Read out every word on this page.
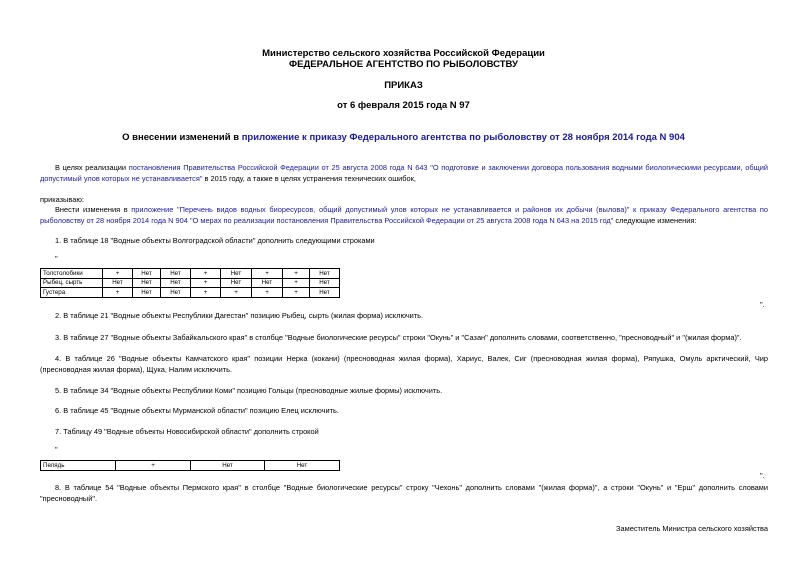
Министерство сельского хозяйства Российской Федерации
ФЕДЕРАЛЬНОЕ АГЕНТСТВО ПО РЫБОЛОВСТВУ
ПРИКАЗ
от 6 февраля 2015 года N 97
О внесении изменений в приложение к приказу Федерального агентства по рыболовству от 28 ноября 2014 года N 904
В целях реализации постановления Правительства Российской Федерации от 25 августа 2008 года N 643 "О подготовке и заключении договора пользования водными биологическими ресурсами, общий допустимый улов которых не устанавливается" в 2015 году, а также в целях устранения технических ошибок,
приказываю:
Внести изменения в приложение "Перечень видов водных биоресурсов, общий допустимый улов которых не устанавливается и районов их добычи (вылова)" к приказу Федерального агентства по рыболовству от 28 ноября 2014 года N 904 "О мерах по реализации постановления Правительства Российской Федерации от 25 августа 2008 года N 643 на 2015 год" следующие изменения:
1. В таблице 18 "Водные объекты Волгоградской области" дополнить следующими строками
"
Толстолобики	+	Нет	Нет	+	Нет	+	+	Нет
Рыбец, сырть	Нет	Нет	Нет	+	Нет	Нет	+	Нет
Густера	+	Нет	Нет	+	+	+	+	Нет
".
2. В таблице 21 "Водные объекты Республики Дагестан" позицию Рыбец, сырть (жилая форма) исключить.
3. В таблице 27 "Водные объекты Забайкальского края" в столбце "Водные биологические ресурсы" строки "Окунь" и "Сазан" дополнить словами, соответственно, "пресноводный" и "(жилая форма)".
4. В таблице 26 "Водные объекты Камчатского края" позиции Нерка (кокани) (пресноводная жилая форма), Хариус, Валек, Сиг (пресноводная жилая форма), Ряпушка, Омуль арктический, Чир (пресноводная жилая форма), Щука, Налим исключить.
5. В таблице 34 "Водные объекты Республики Коми" позицию Гольцы (пресноводные жилые формы) исключить.
6. В таблице 45 "Водные объекты Мурманской области" позицию Елец исключить.
7. Таблицу 49 "Водные объекты Новосибирской области" дополнить строкой
"
Пелядь	+	Нет	Нет
".
8. В таблице 54 "Водные объекты Пермского края" в столбце "Водные биологические ресурсы" строку "Чехонь" дополнить словами "(жилая форма)", а строки "Окунь" и "Ерш" дополнить словами "пресноводный".
Заместитель Министра сельского хозяйства
